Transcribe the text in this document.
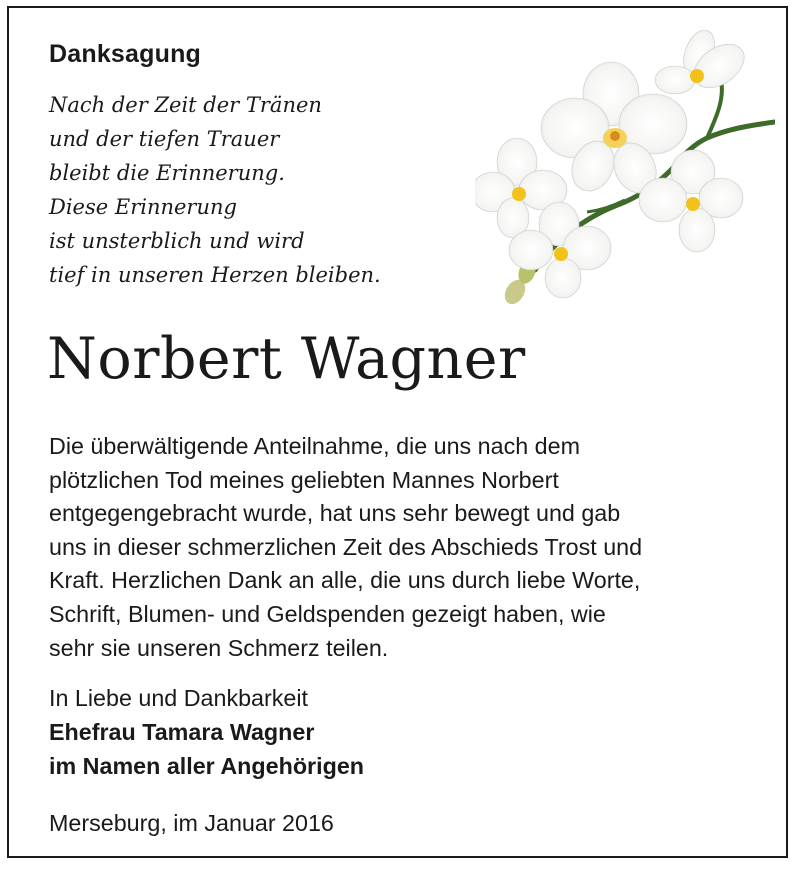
Danksagung
Nach der Zeit der Tränen
und der tiefen Trauer
bleibt die Erinnerung.
Diese Erinnerung
ist unsterblich und wird
tief in unseren Herzen bleiben.
Norbert Wagner
Die überwältigende Anteilnahme, die uns nach dem
plötzlichen Tod meines geliebten Mannes Norbert
entgegengebracht wurde, hat uns sehr bewegt und gab
uns in dieser schmerzlichen Zeit des Abschieds Trost und
Kraft. Herzlichen Dank an alle, die uns durch liebe Worte,
Schrift, Blumen- und Geldspenden gezeigt haben, wie
sehr sie unseren Schmerz teilen.
In Liebe und Dankbarkeit
Ehefrau Tamara Wagner
im Namen aller Angehörigen
Merseburg, im Januar 2016
